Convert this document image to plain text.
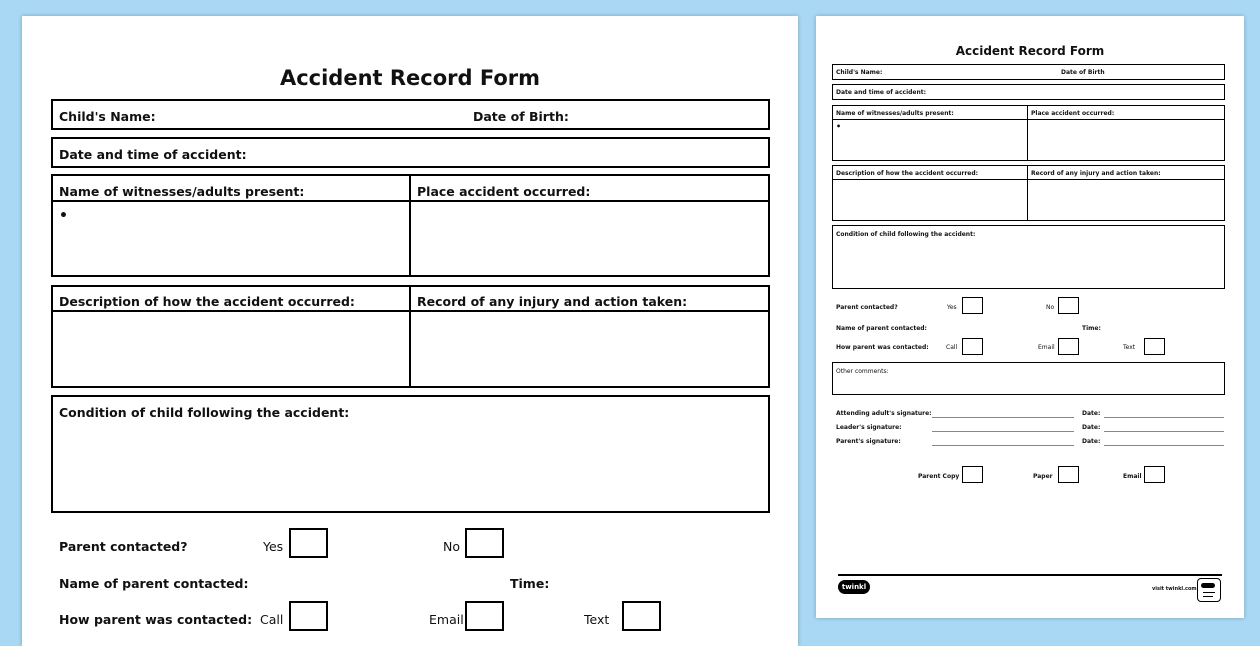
Accident Record Form
Child's Name:	Date of Birth:
Date and time of accident:
Name of witnesses/adults present:	Place accident occurred:
•
Description of how the accident occurred:	Record of any injury and action taken:
Condition of child following the accident:
Parent contacted?	Yes	No
Name of parent contacted:	Time:
How parent was contacted: Call	Email	Text
Accident Record Form
Child's Name:	Date of Birth
Date and time of accident:
Name of witnesses/adults present:	Place accident occurred:
•
Description of how the accident occurred:	Record of any injury and action taken:
Condition of child following the accident:
Parent contacted?	Yes	No
Name of parent contacted:	Time:
How parent was contacted:	Call	Email	Text
Other comments:
Attending adult's signature:	Date:
Leader's signature:	Date:
Parent's signature:	Date:
Parent Copy	Paper	Email
twinkl	visit twinkl.com
